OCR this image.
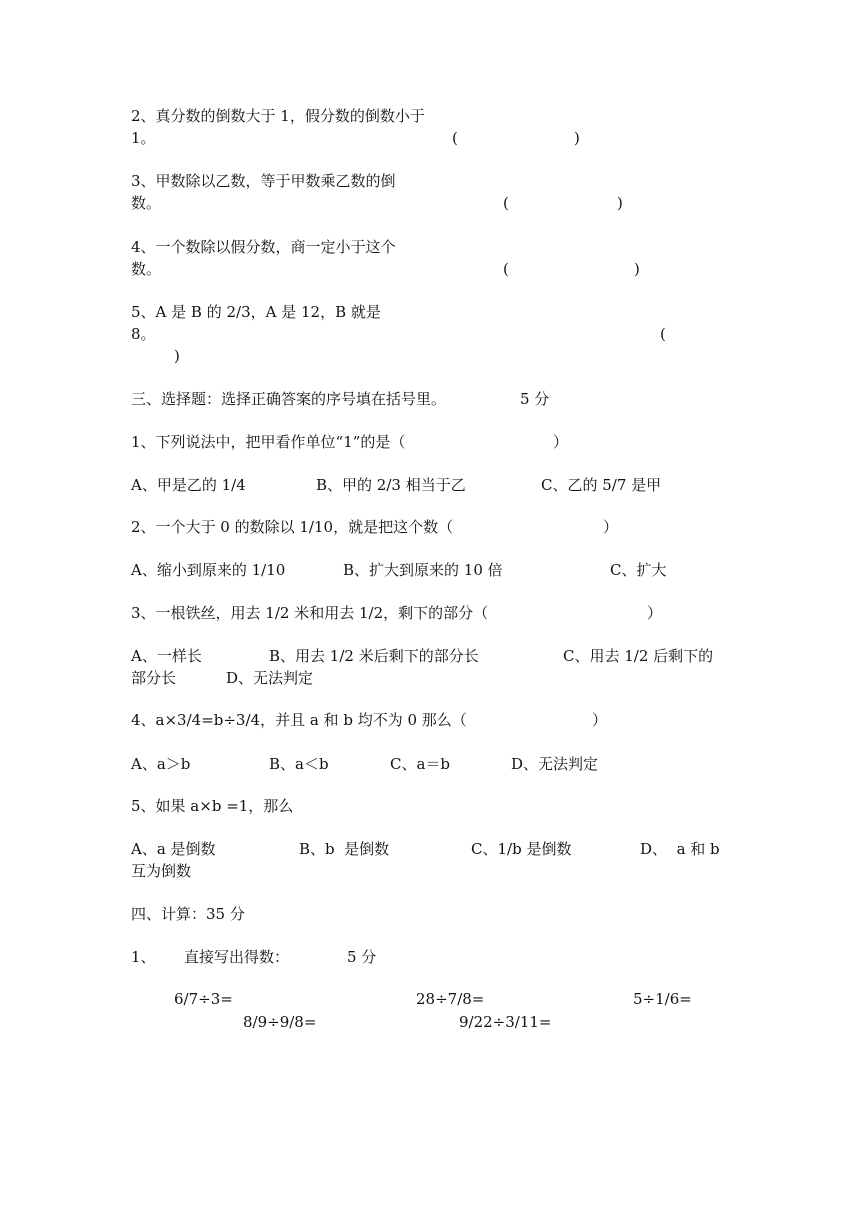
2、真分数的倒数大于 1，假分数的倒数小于
1。	(	)
3、甲数除以乙数，等于甲数乘乙数的倒
数。	(	)
4、一个数除以假分数，商一定小于这个
数。	(	)
5、A 是 B 的 2/3，A 是 12，B 就是
8。	(
)
三、选择题：选择正确答案的序号填在括号里。	5 分
1、下列说法中，把甲看作单位“1”的是（	）
A、甲是乙的 1/4	B、甲的 2/3 相当于乙	C、乙的 5/7 是甲
2、一个大于 0 的数除以 1/10，就是把这个数（	）
A、缩小到原来的 1/10	B、扩大到原来的 10 倍	C、扩大
3、一根铁丝，用去 1/2 米和用去 1/2，剩下的部分（	）
A、一样长	B、用去 1/2 米后剩下的部分长	C、用去 1/2 后剩下的
部分长	D、无法判定
4、a×3/4=b÷3/4，并且 a 和 b 均不为 0 那么（	）
A、a＞b	B、a＜b	C、a＝b	D、无法判定
5、如果 a×b =1，那么
A、a 是倒数	B、b  是倒数	C、1/b 是倒数	D、  a 和 b
互为倒数
四、计算：35 分
1、 直接写出得数：	5 分
6/7÷3=	28÷7/8=	5÷1/6=
8/9÷9/8=	9/22÷3/11=
